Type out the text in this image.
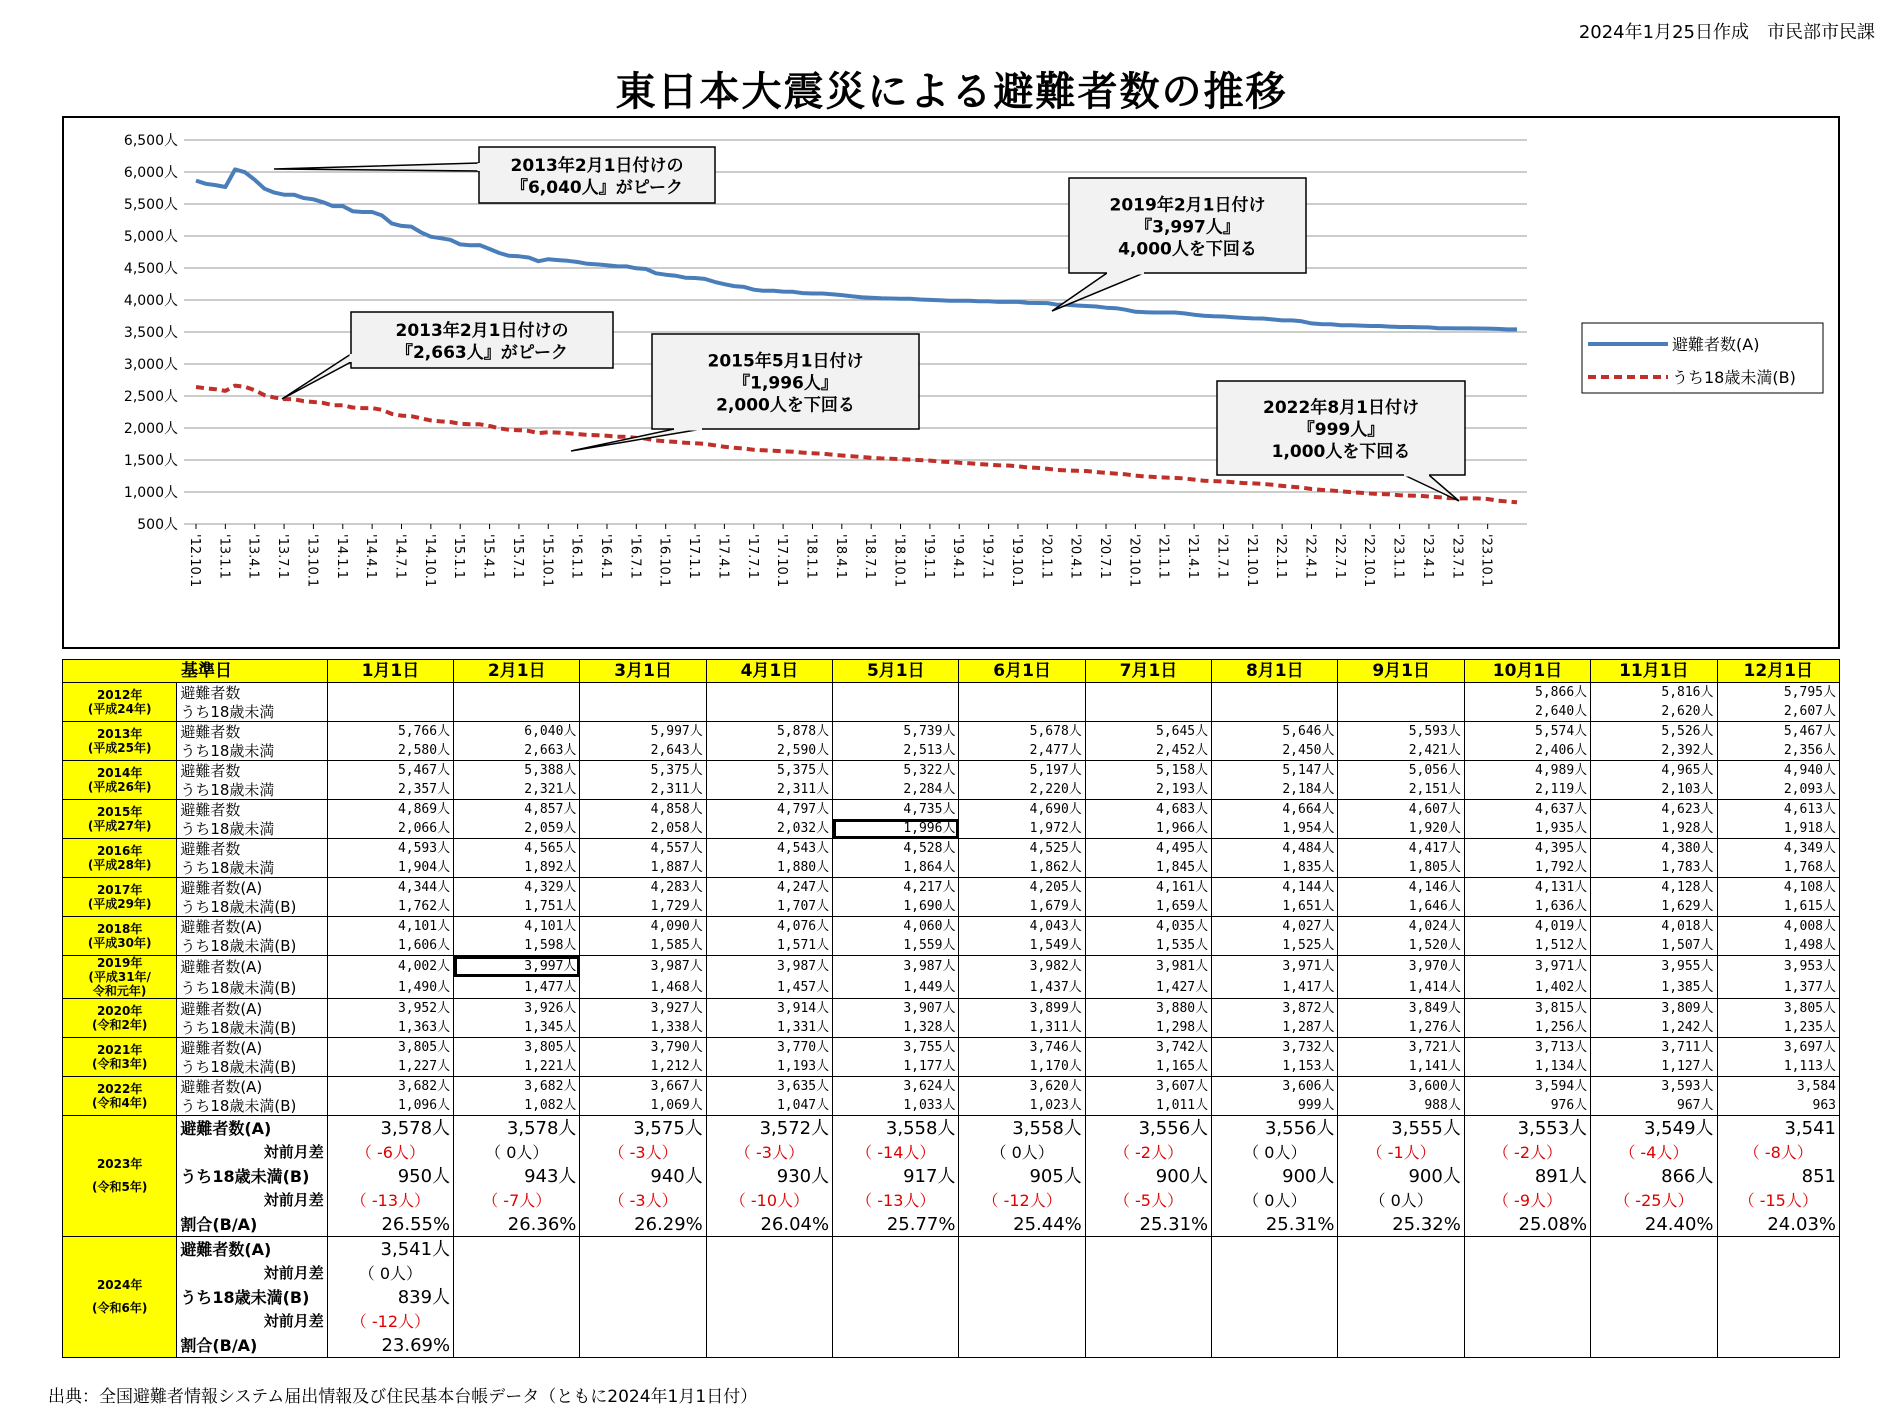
2024年1月25日作成　市民部市民課
東日本大震災による避難者数の推移
6,500人
6,000人
5,500人
5,000人
4,500人
4,000人
3,500人
3,000人
2,500人
2,000人
1,500人
1,000人
500人
'12.10.1 '13.1.1 '13.4.1 '13.7.1 '13.10.1 '14.1.1 '14.4.1 '14.7.1 '14.10.1 '15.1.1 '15.4.1 '15.7.1 '15.10.1 '16.1.1 '16.4.1 '16.7.1 '16.10.1 '17.1.1 '17.4.1 '17.7.1 '17.10.1 '18.1.1 '18.4.1 '18.7.1 '18.10.1 '19.1.1 '19.4.1 '19.7.1 '19.10.1 '20.1.1 '20.4.1 '20.7.1 '20.10.1 '21.1.1 '21.4.1 '21.7.1 '21.10.1 '22.1.1 '22.4.1 '22.7.1 '22.10.1 '23.1.1 '23.4.1 '23.7.1 '23.10.1
避難者数(A)
うち18歳未満(B)
2013年2月1日付けの
『6,040人』がピーク
2019年2月1日付け
『3,997人』
4,000人を下回る
2013年2月1日付けの
『2,663人』がピーク	2015年5月1日付け
『1,996人』
2,000人を下回る	2022年8月1日付け
『999人』
1,000人を下回る
基準日		1月1日	2月1日	3月1日	4月1日	5月1日	6月1日	7月1日	8月1日	9月1日	10月1日	11月1日	12月1日
2012年
(平成24年)	避難者数										5,866人	5,816人	5,795人
	うち18歳未満										2,640人	2,620人	2,607人
2013年
(平成25年)	避難者数	5,766人	6,040人	5,997人	5,878人	5,739人	5,678人	5,645人	5,646人	5,593人	5,574人	5,526人	5,467人
	うち18歳未満	2,580人	2,663人	2,643人	2,590人	2,513人	2,477人	2,452人	2,450人	2,421人	2,406人	2,392人	2,356人
2014年
(平成26年)	避難者数	5,467人	5,388人	5,375人	5,375人	5,322人	5,197人	5,158人	5,147人	5,056人	4,989人	4,965人	4,940人
	うち18歳未満	2,357人	2,321人	2,311人	2,311人	2,284人	2,220人	2,193人	2,184人	2,151人	2,119人	2,103人	2,093人
2015年
(平成27年)	避難者数	4,869人	4,857人	4,858人	4,797人	4,735人	4,690人	4,683人	4,664人	4,607人	4,637人	4,623人	4,613人
	うち18歳未満	2,066人	2,059人	2,058人	2,032人	1,996人	1,972人	1,966人	1,954人	1,920人	1,935人	1,928人	1,918人
2016年
(平成28年)	避難者数	4,593人	4,565人	4,557人	4,543人	4,528人	4,525人	4,495人	4,484人	4,417人	4,395人	4,380人	4,349人
	うち18歳未満	1,904人	1,892人	1,887人	1,880人	1,864人	1,862人	1,845人	1,835人	1,805人	1,792人	1,783人	1,768人
2017年
(平成29年)	避難者数(A)	4,344人	4,329人	4,283人	4,247人	4,217人	4,205人	4,161人	4,144人	4,146人	4,131人	4,128人	4,108人
	うち18歳未満(B)	1,762人	1,751人	1,729人	1,707人	1,690人	1,679人	1,659人	1,651人	1,646人	1,636人	1,629人	1,615人
2018年
(平成30年)	避難者数(A)	4,101人	4,101人	4,090人	4,076人	4,060人	4,043人	4,035人	4,027人	4,024人	4,019人	4,018人	4,008人
	うち18歳未満(B)	1,606人	1,598人	1,585人	1,571人	1,559人	1,549人	1,535人	1,525人	1,520人	1,512人	1,507人	1,498人
2019年
(平成31年/
令和元年)	避難者数(A)	4,002人	3,997人	3,987人	3,987人	3,987人	3,982人	3,981人	3,971人	3,970人	3,971人	3,955人	3,953人
	うち18歳未満(B)	1,490人	1,477人	1,468人	1,457人	1,449人	1,437人	1,427人	1,417人	1,414人	1,402人	1,385人	1,377人
2020年
(令和2年)	避難者数(A)	3,952人	3,926人	3,927人	3,914人	3,907人	3,899人	3,880人	3,872人	3,849人	3,815人	3,809人	3,805人
	うち18歳未満(B)	1,363人	1,345人	1,338人	1,331人	1,328人	1,311人	1,298人	1,287人	1,276人	1,256人	1,242人	1,235人
2021年
(令和3年)	避難者数(A)	3,805人	3,805人	3,790人	3,770人	3,755人	3,746人	3,742人	3,732人	3,721人	3,713人	3,711人	3,697人
	うち18歳未満(B)	1,227人	1,221人	1,212人	1,193人	1,177人	1,170人	1,165人	1,153人	1,141人	1,134人	1,127人	1,113人
2022年
(令和4年)	避難者数(A)	3,682人	3,682人	3,667人	3,635人	3,624人	3,620人	3,607人	3,606人	3,600人	3,594人	3,593人	3,584
	うち18歳未満(B)	1,096人	1,082人	1,069人	1,047人	1,033人	1,023人	1,011人	999人	988人	976人	967人	963
2023年
(令和5年)	避難者数(A)	3,578人	3,578人	3,575人	3,572人	3,558人	3,558人	3,556人	3,556人	3,555人	3,553人	3,549人	3,541
	対前月差	（ -6人）	（ 0人）	（ -3人）	（ -3人）	（ -14人）	（ 0人）	（ -2人）	（ 0人）	（ -1人）	（ -2人）	（ -4人）	（ -8人）
	うち18歳未満(B)	950人	943人	940人	930人	917人	905人	900人	900人	900人	891人	866人	851
	対前月差	（ -13人）	（ -7人）	（ -3人）	（ -10人）	（ -13人）	（ -12人）	（ -5人）	（ 0人）	（ 0人）	（ -9人）	（ -25人）	（ -15人）
	割合(B/A)	26.55%	26.36%	26.29%	26.04%	25.77%	25.44%	25.31%	25.31%	25.32%	25.08%	24.40%	24.03%
2024年
(令和6年)	避難者数(A)	3,541人											
	対前月差	（ 0人）											
	うち18歳未満(B)	839人											
	対前月差	（ -12人）											
	割合(B/A)	23.69%											
出典：全国避難者情報システム届出情報及び住民基本台帳データ（ともに2024年1月1日付）
